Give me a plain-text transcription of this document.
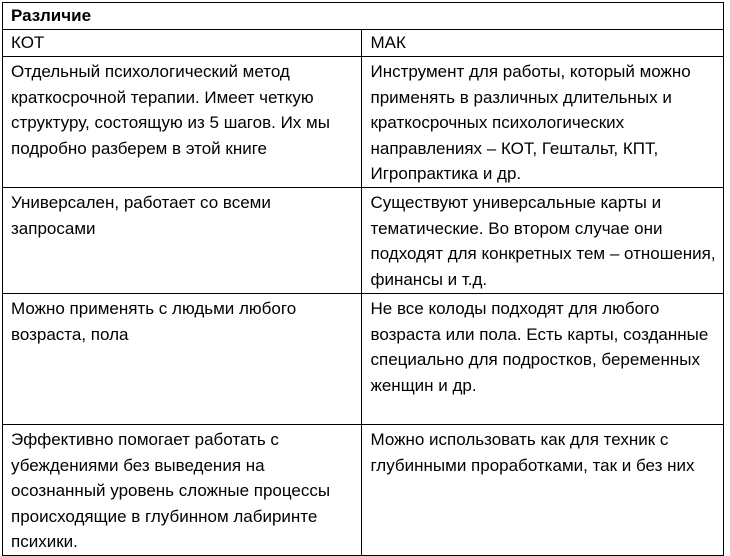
Различие	
КОТ	МАК

Отдельный психологический метод краткосрочной терапии. Имеет четкую структуру, состоящую из 5 шагов. Их мы подробно разберем в этой книге	Инструмент для работы, который можно применять в различных длительных и краткосрочных психологических направлениях – КОТ, Гештальт, КПТ, Игропрактика и др.

Универсален, работает со всеми запросами	Существуют универсальные карты и тематические. Во втором случае они подходят для конкретных тем – отношения, финансы и т.д.

Можно применять с людьми любого возраста, пола	Не все колоды подходят для любого возраста или пола. Есть карты, созданные специально для подростков, беременных женщин и др.

Эффективно помогает работать с убеждениями без выведения на осознанный уровень сложные процессы происходящие в глубинном лабиринте психики.	Можно использовать как для техник с глубинными проработками, так и без них
